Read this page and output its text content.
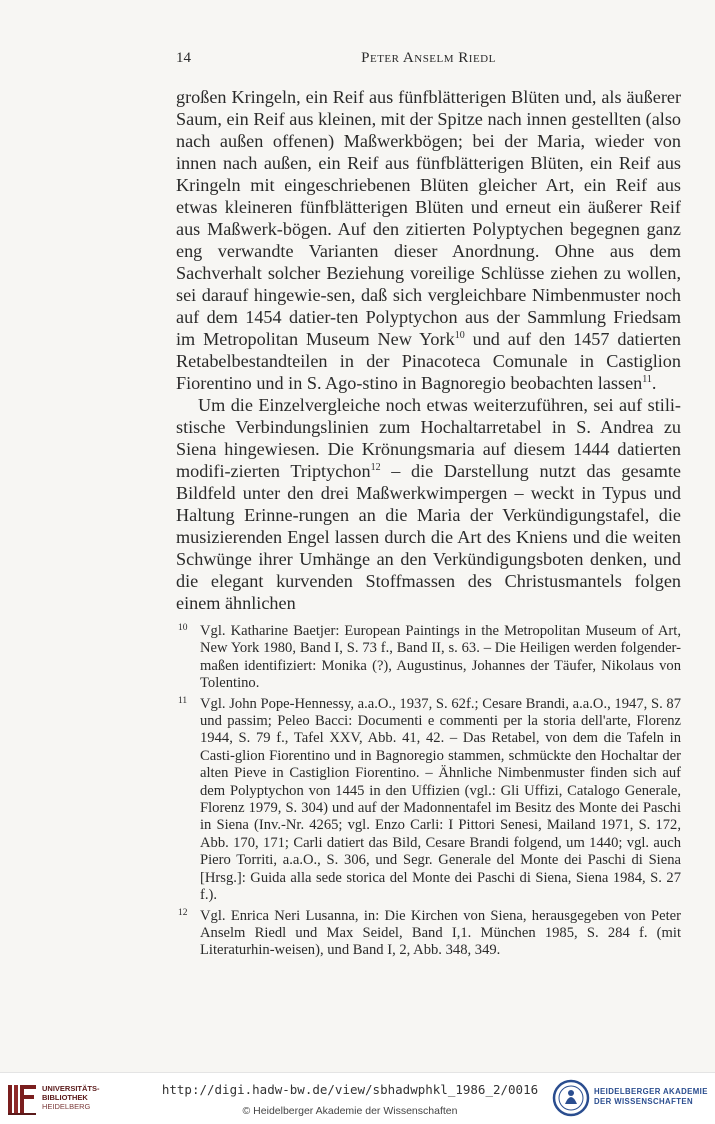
14	Peter Anselm Riedl

großen Kringeln, ein Reif aus fünfblätterigen Blüten und, als äußerer Saum, ein Reif aus kleinen, mit der Spitze nach innen gestellten (also nach außen offenen) Maßwerkbögen; bei der Maria, wieder von innen nach außen, ein Reif aus fünfblätterigen Blüten, ein Reif aus Kringeln mit eingeschriebenen Blüten gleicher Art, ein Reif aus etwas kleineren fünfblätterigen Blüten und erneut ein äußerer Reif aus Maßwerk-bögen. Auf den zitierten Polyptychen begegnen ganz eng verwandte Varianten dieser Anordnung. Ohne aus dem Sachverhalt solcher Beziehung voreilige Schlüsse ziehen zu wollen, sei darauf hingewie-sen, daß sich vergleichbare Nimbenmuster noch auf dem 1454 datier-ten Polyptychon aus der Sammlung Friedsam im Metropolitan Museum New York$^{10}$ und auf den 1457 datierten Retabelbestandteilen in der Pinacoteca Comunale in Castiglion Fiorentino und in S. Ago-stino in Bagnoregio beobachten lassen$^{11}$.

Um die Einzelvergleiche noch etwas weiterzuführen, sei auf stili-stische Verbindungslinien zum Hochaltarretabel in S. Andrea zu Siena hingewiesen. Die Krönungsmaria auf diesem 1444 datierten modifi-zierten Triptychon$^{12}$ – die Darstellung nutzt das gesamte Bildfeld unter den drei Maßwerkwimpergen – weckt in Typus und Haltung Erinne-rungen an die Maria der Verkündigungstafel, die musizierenden Engel lassen durch die Art des Kniens und die weiten Schwünge ihrer Umhänge an den Verkündigungsboten denken, und die elegant kurvenden Stoffmassen des Christusmantels folgen einem ähnlichen

10 Vgl. Katharine Baetjer: European Paintings in the Metropolitan Museum of Art, New York 1980, Band I, S. 73 f., Band II, s. 63. – Die Heiligen werden folgender-maßen identifiziert: Monika (?), Augustinus, Johannes der Täufer, Nikolaus von Tolentino.
11 Vgl. John Pope-Hennessy, a.a.O., 1937, S. 62f.; Cesare Brandi, a.a.O., 1947, S. 87 und passim; Peleo Bacci: Documenti e commenti per la storia dell'arte, Florenz 1944, S. 79 f., Tafel XXV, Abb. 41, 42. – Das Retabel, von dem die Tafeln in Casti-glion Fiorentino und in Bagnoregio stammen, schmückte den Hochaltar der alten Pieve in Castiglion Fiorentino. – Ähnliche Nimbenmuster finden sich auf dem Polyptychon von 1445 in den Uffizien (vgl.: Gli Uffizi, Catalogo Generale, Florenz 1979, S. 304) und auf der Madonnentafel im Besitz des Monte dei Paschi in Siena (Inv.-Nr. 4265; vgl. Enzo Carli: I Pittori Senesi, Mailand 1971, S. 172, Abb. 170, 171; Carli datiert das Bild, Cesare Brandi folgend, um 1440; vgl. auch Piero Torriti, a.a.O., S. 306, und Segr. Generale del Monte dei Paschi di Siena [Hrsg.]: Guida alla sede storica del Monte dei Paschi di Siena, Siena 1984, S. 27 f.).
12 Vgl. Enrica Neri Lusanna, in: Die Kirchen von Siena, herausgegeben von Peter Anselm Riedl und Max Seidel, Band I,1. München 1985, S. 284 f. (mit Literaturhin-weisen), und Band I, 2, Abb. 348, 349.
UNIVERSITÄTS-
BIBLIOTHEK
HEIDELBERG
http://digi.hadw-bw.de/view/sbhadwphkl_1986_2/0016
© Heidelberger Akademie der Wissenschaften
HEIDELBERGER AKADEMIE
DER WISSENSCHAFTEN
